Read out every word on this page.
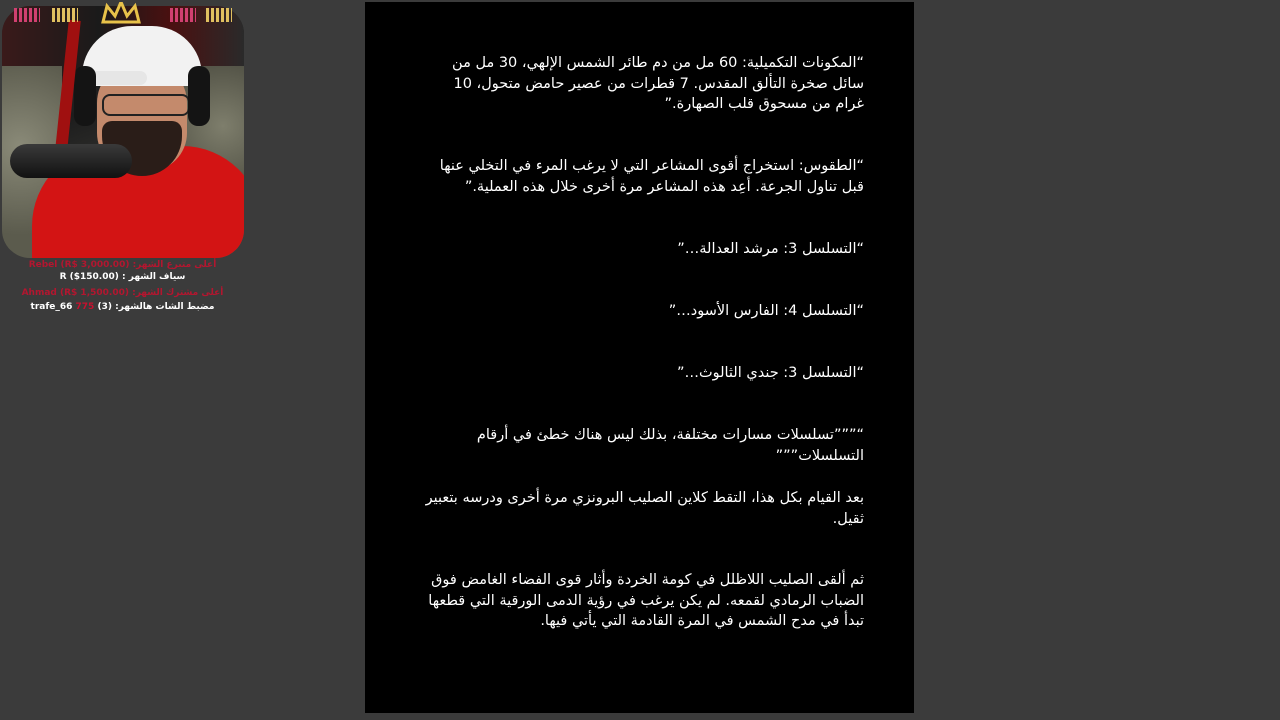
أعلى متبرع الشهر: Rebel (R$ 3,000.00)
سياف الشهر : R ($150.00)
أعلى مشترك الشهر: Ahmad (R$ 1,500.00)
مضبط الشات هالشهر: (3) trafe_66 775
“المكونات التكميلية: 60 مل من دم طائر الشمس الإلهي، 30 مل من سائل صخرة التألق المقدس. 7 قطرات من عصير حامض متحول، 10 غرام من مسحوق قلب الصهارة.”
“الطقوس: استخراج أقوى المشاعر التي لا يرغب المرء في التخلي عنها قبل تناول الجرعة. أعِد هذه المشاعر مرة أخرى خلال هذه العملية.”
“التسلسل 3: مرشد العدالة…”
“التسلسل 4: الفارس الأسود…”
“التسلسل 3: جندي الثالوث…”
“”””تسلسلات مسارات مختلفة، بذلك ليس هناك خطئ في أرقام التسلسلات”””
بعد القيام بكل هذا، التقط كلاين الصليب البرونزي مرة أخرى ودرسه بتعبير ثقيل.
ثم ألقى الصليب اللاظلل في كومة الخردة وأثار قوى الفضاء الغامض فوق الضباب الرمادي لقمعه. لم يكن يرغب في رؤية الدمى الورقية التي قطعها تبدأ في مدح الشمس في المرة القادمة التي يأتي فيها.
